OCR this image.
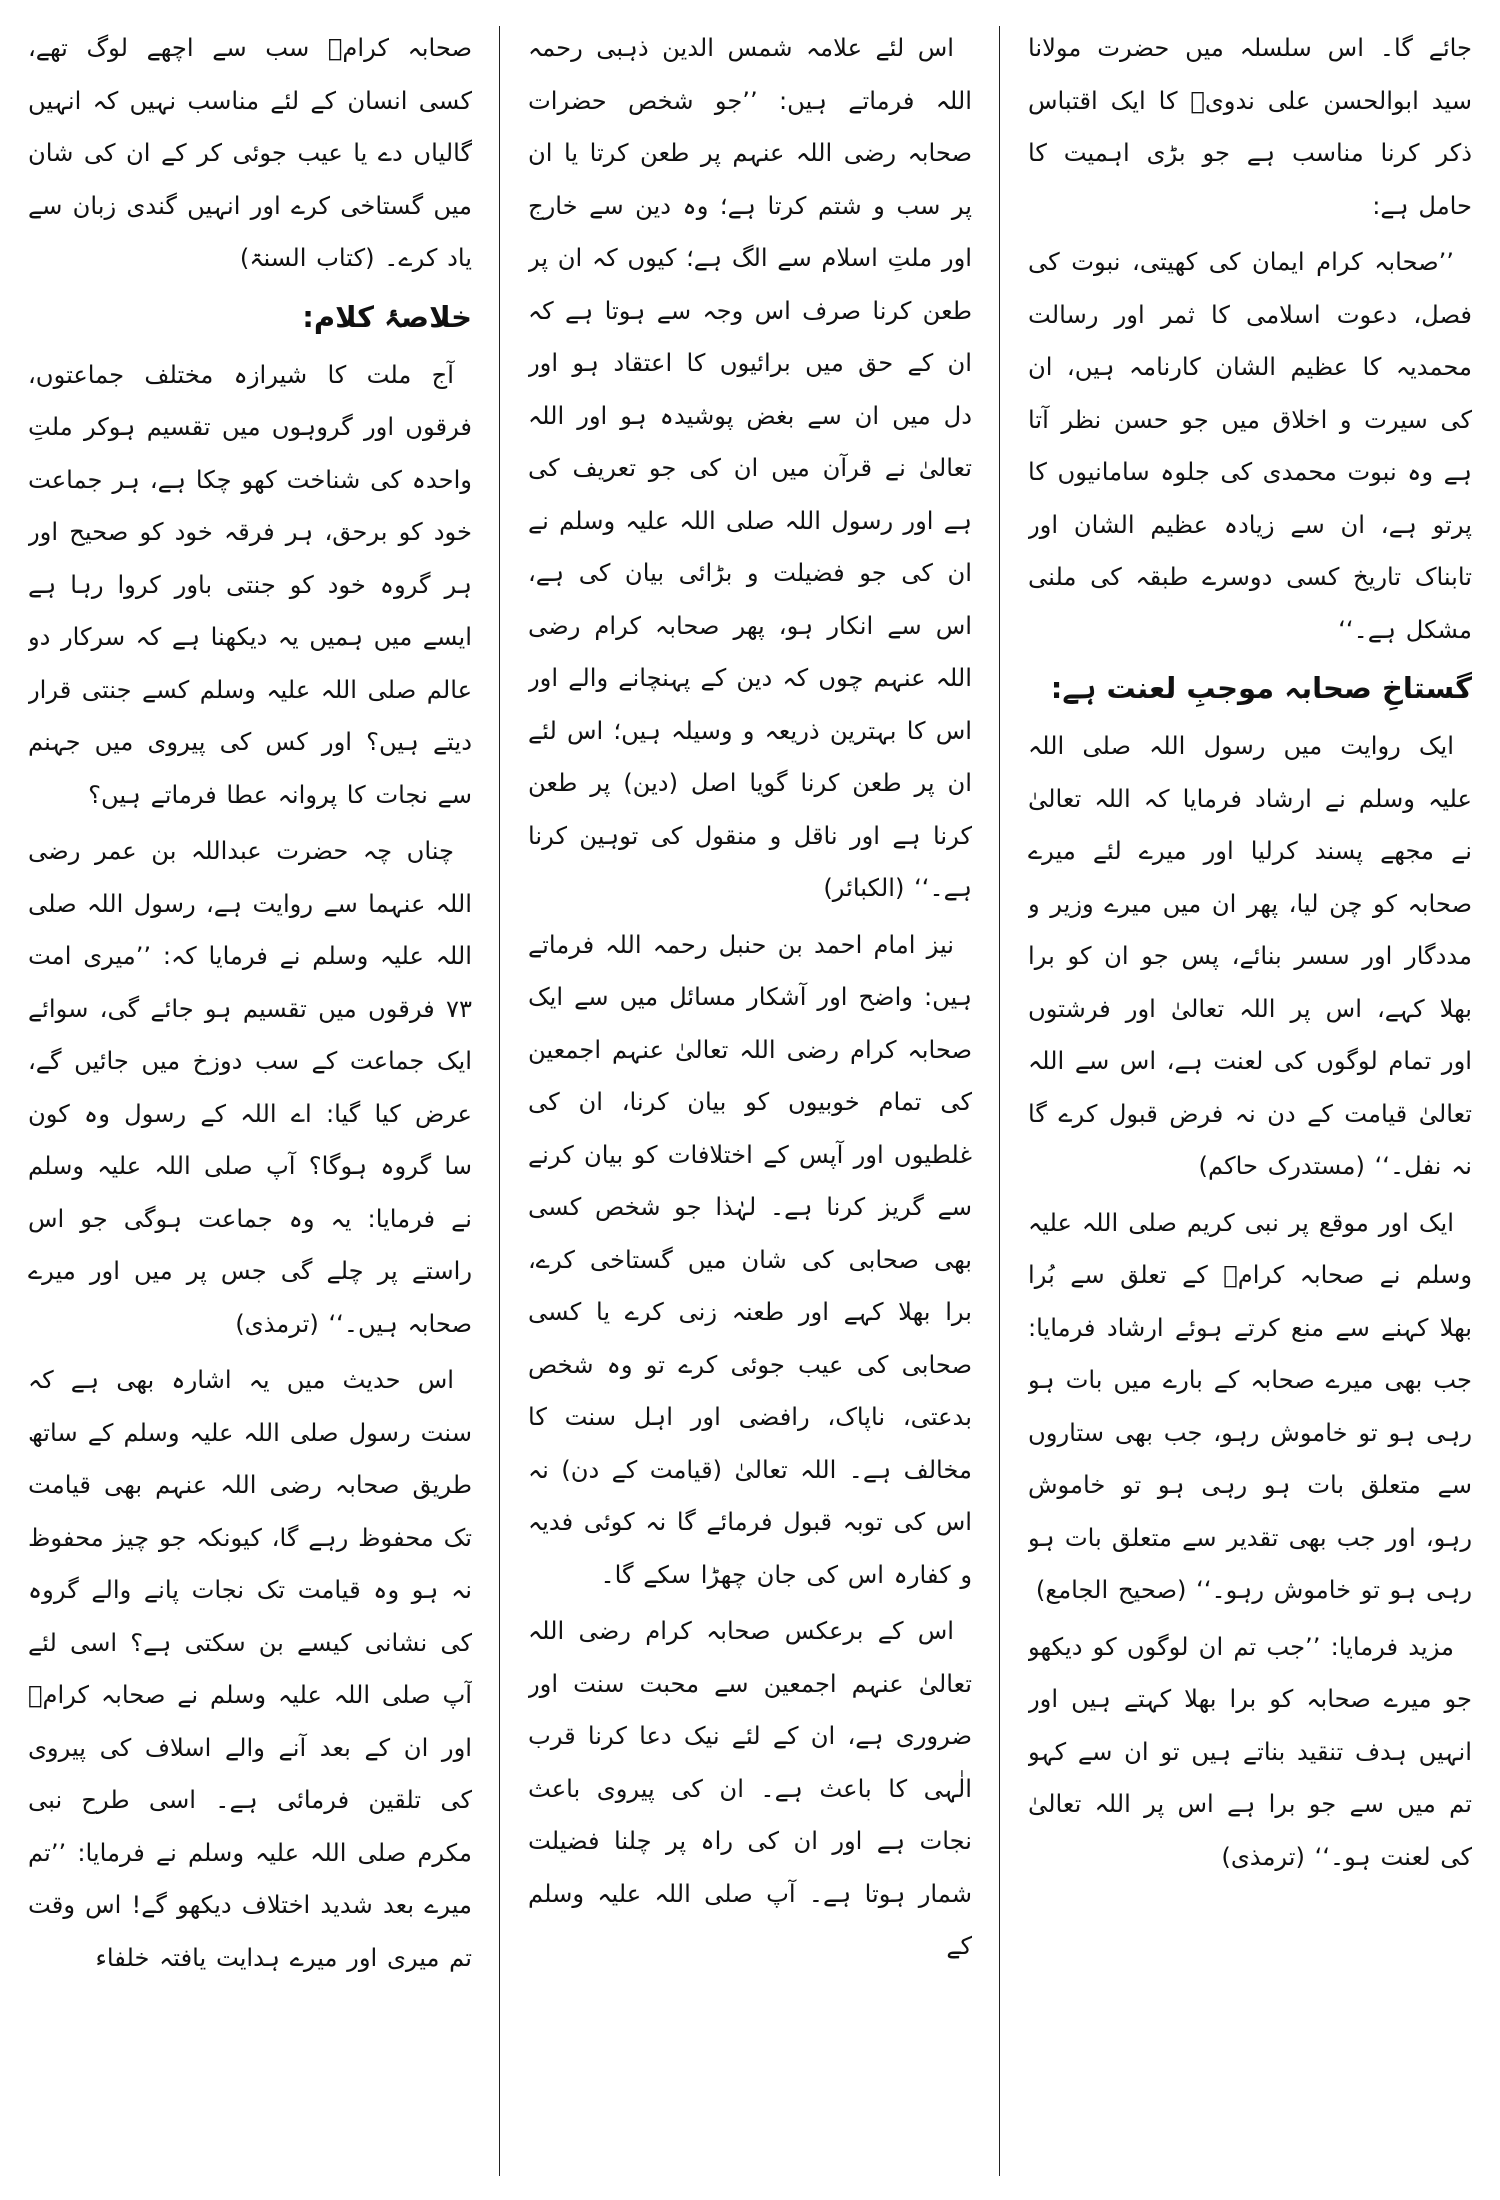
جائے گا۔ اس سلسلہ میں حضرت مولانا سید ابوالحسن علی ندویؒ کا ایک اقتباس ذکر کرنا مناسب ہے جو بڑی اہمیت کا حامل ہے:

’’صحابہ کرام ایمان کی کھیتی، نبوت کی فصل، دعوت اسلامی کا ثمر اور رسالت محمدیہ کا عظیم الشان کارنامہ ہیں، ان کی سیرت و اخلاق میں جو حسن نظر آتا ہے وہ نبوت محمدی کی جلوہ سامانیوں کا پرتو ہے، ان سے زیادہ عظیم الشان اور تابناک تاریخ کسی دوسرے طبقہ کی ملنی مشکل ہے۔‘‘

گستاخِ صحابہ موجبِ لعنت ہے:

ایک روایت میں رسول اللہ صلی اللہ علیہ وسلم نے ارشاد فرمایا کہ اللہ تعالیٰ نے مجھے پسند کرلیا اور میرے لئے میرے صحابہ کو چن لیا، پھر ان میں میرے وزیر و مددگار اور سسر بنائے، پس جو ان کو برا بھلا کہے، اس پر اللہ تعالیٰ اور فرشتوں اور تمام لوگوں کی لعنت ہے، اس سے اللہ تعالیٰ قیامت کے دن نہ فرض قبول کرے گا نہ نفل۔‘‘ (مستدرک حاکم)

ایک اور موقع پر نبی کریم صلی اللہ علیہ وسلم نے صحابہ کرامؓ کے تعلق سے بُرا بھلا کہنے سے منع کرتے ہوئے ارشاد فرمایا: جب بھی میرے صحابہ کے بارے میں بات ہو رہی ہو تو خاموش رہو، جب بھی ستاروں سے متعلق بات ہو رہی ہو تو خاموش رہو، اور جب بھی تقدیر سے متعلق بات ہو رہی ہو تو خاموش رہو۔‘‘ (صحیح الجامع)

مزید فرمایا: ’’جب تم ان لوگوں کو دیکھو جو میرے صحابہ کو برا بھلا کہتے ہیں اور انہیں ہدف تنقید بناتے ہیں تو ان سے کہو تم میں سے جو برا ہے اس پر اللہ تعالیٰ کی لعنت ہو۔‘‘ (ترمذی)

اس لئے علامہ شمس الدین ذہبی رحمہ اللہ فرماتے ہیں: ’’جو شخص حضرات صحابہ رضی اللہ عنہم پر طعن کرتا یا ان پر سب و شتم کرتا ہے؛ وہ دین سے خارج اور ملتِ اسلام سے الگ ہے؛ کیوں کہ ان پر طعن کرنا صرف اس وجہ سے ہوتا ہے کہ ان کے حق میں برائیوں کا اعتقاد ہو اور دل میں ان سے بغض پوشیدہ ہو اور اللہ تعالیٰ نے قرآن میں ان کی جو تعریف کی ہے اور رسول اللہ صلی اللہ علیہ وسلم نے ان کی جو فضیلت و بڑائی بیان کی ہے، اس سے انکار ہو، پھر صحابہ کرام رضی اللہ عنہم چوں کہ دین کے پہنچانے والے اور اس کا بہترین ذریعہ و وسیلہ ہیں؛ اس لئے ان پر طعن کرنا گویا اصل (دین) پر طعن کرنا ہے اور ناقل و منقول کی توہین کرنا ہے۔‘‘ (الکبائر)

نیز امام احمد بن حنبل رحمہ اللہ فرماتے ہیں: واضح اور آشکار مسائل میں سے ایک صحابہ کرام رضی اللہ تعالیٰ عنہم اجمعین کی تمام خوبیوں کو بیان کرنا، ان کی غلطیوں اور آپس کے اختلافات کو بیان کرنے سے گریز کرنا ہے۔ لہٰذا جو شخص کسی بھی صحابی کی شان میں گستاخی کرے، برا بھلا کہے اور طعنہ زنی کرے یا کسی صحابی کی عیب جوئی کرے تو وہ شخص بدعتی، ناپاک، رافضی اور اہل سنت کا مخالف ہے۔ اللہ تعالیٰ (قیامت کے دن) نہ اس کی توبہ قبول فرمائے گا نہ کوئی فدیہ و کفارہ اس کی جان چھڑا سکے گا۔

اس کے برعکس صحابہ کرام رضی اللہ تعالیٰ عنہم اجمعین سے محبت سنت اور ضروری ہے، ان کے لئے نیک دعا کرنا قرب الٰہی کا باعث ہے۔ ان کی پیروی باعث نجات ہے اور ان کی راہ پر چلنا فضیلت شمار ہوتا ہے۔ آپ صلی اللہ علیہ وسلم کے

صحابہ کرامؓ سب سے اچھے لوگ تھے، کسی انسان کے لئے مناسب نہیں کہ انہیں گالیاں دے یا عیب جوئی کر کے ان کی شان میں گستاخی کرے اور انہیں گندی زبان سے یاد کرے۔ (کتاب السنۃ)

خلاصۂ کلام:

آج ملت کا شیرازہ مختلف جماعتوں، فرقوں اور گروہوں میں تقسیم ہوکر ملتِ واحدہ کی شناخت کھو چکا ہے، ہر جماعت خود کو برحق، ہر فرقہ خود کو صحیح اور ہر گروہ خود کو جنتی باور کروا رہا ہے ایسے میں ہمیں یہ دیکھنا ہے کہ سرکار دو عالم صلی اللہ علیہ وسلم کسے جنتی قرار دیتے ہیں؟ اور کس کی پیروی میں جہنم سے نجات کا پروانہ عطا فرماتے ہیں؟

چناں چہ حضرت عبداللہ بن عمر رضی اللہ عنہما سے روایت ہے، رسول اللہ صلی اللہ علیہ وسلم نے فرمایا کہ: ’’میری امت ۷۳ فرقوں میں تقسیم ہو جائے گی، سوائے ایک جماعت کے سب دوزخ میں جائیں گے، عرض کیا گیا: اے اللہ کے رسول وہ کون سا گروہ ہوگا؟ آپ صلی اللہ علیہ وسلم نے فرمایا: یہ وہ جماعت ہوگی جو اس راستے پر چلے گی جس پر میں اور میرے صحابہ ہیں۔‘‘ (ترمذی)

اس حدیث میں یہ اشارہ بھی ہے کہ سنت رسول صلی اللہ علیہ وسلم کے ساتھ طریق صحابہ رضی اللہ عنہم بھی قیامت تک محفوظ رہے گا، کیونکہ جو چیز محفوظ نہ ہو وہ قیامت تک نجات پانے والے گروہ کی نشانی کیسے بن سکتی ہے؟ اسی لئے آپ صلی اللہ علیہ وسلم نے صحابہ کرامؓ اور ان کے بعد آنے والے اسلاف کی پیروی کی تلقین فرمائی ہے۔ اسی طرح نبی مکرم صلی اللہ علیہ وسلم نے فرمایا: ’’تم میرے بعد شدید اختلاف دیکھو گے! اس وقت تم میری اور میرے ہدایت یافتہ خلفاء
